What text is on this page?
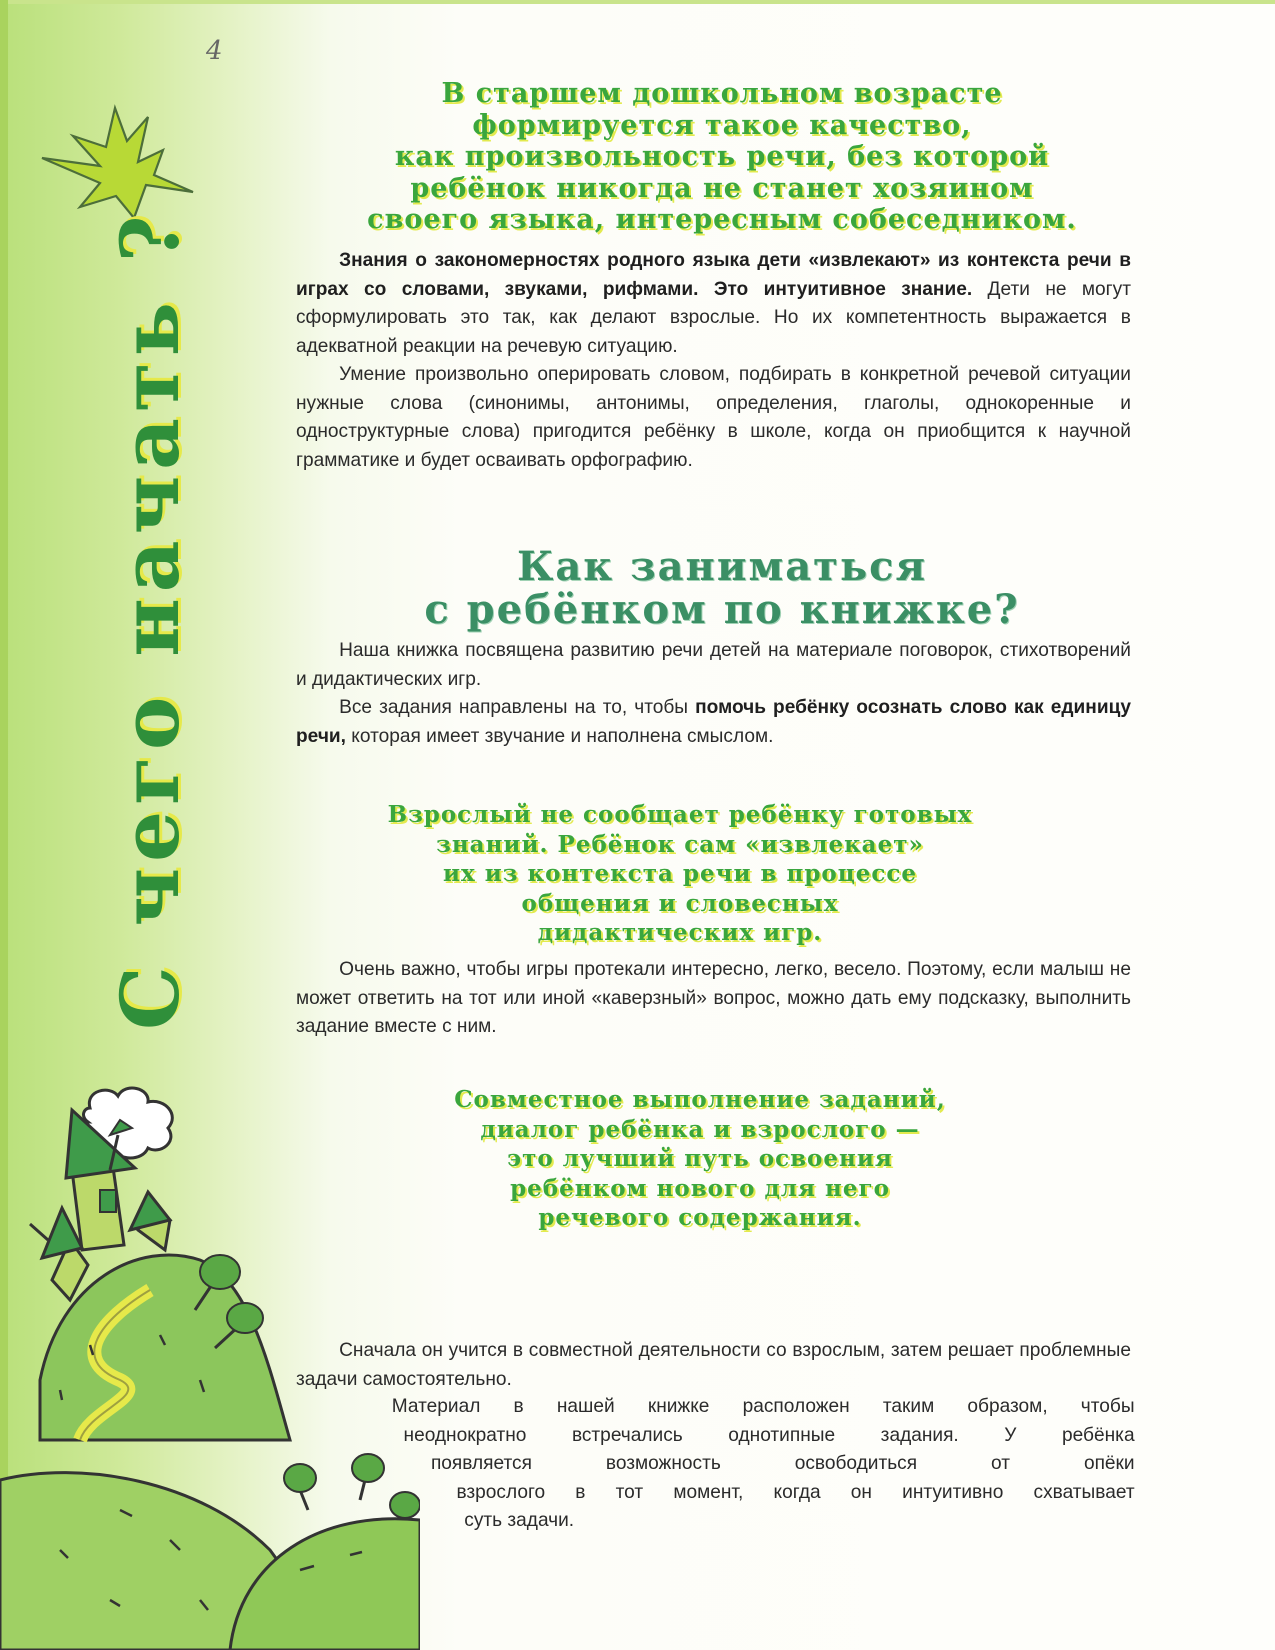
4
С чего начать ?
В старшем дошкольном возрасте
формируется такое качество,
как произвольность речи, без которой
ребёнок никогда не станет хозяином
своего языка, интересным собеседником.

Знания о закономерностях родного языка дети «извлекают» из контекста речи в играх со словами, звуками, рифмами. Это интуитивное знание. Дети не могут сформулировать это так, как делают взрослые. Но их компетентность выражается в адекватной реакции на речевую ситуацию.

Умение произвольно оперировать словом, подбирать в конкретной речевой ситуации нужные слова (синонимы, антонимы, определения, глаголы, однокоренные и одноструктурные слова) пригодится ребёнку в школе, когда он приобщится к научной грамматике и будет осваивать орфографию.

Как заниматься
с ребёнком по книжке?

Наша книжка посвящена развитию речи детей на материале поговорок, стихотворений и дидактических игр.

Все задания направлены на то, чтобы помочь ребёнку осознать слово как единицу речи, которая имеет звучание и наполнена смыслом.

Взрослый не сообщает ребёнку готовых
знаний. Ребёнок сам «извлекает»
их из контекста речи в процессе
общения и словесных
дидактических игр.

Очень важно, чтобы игры протекали интересно, легко, весело. Поэтому, если малыш не может ответить на тот или иной «каверзный» вопрос, можно дать ему подсказку, выполнить задание вместе с ним.

Совместное выполнение заданий,
диалог ребёнка и взрослого —
это лучший путь освоения
ребёнком нового для него
речевого содержания.

Сначала он учится в совместной деятельности со взрослым, затем решает проблемные задачи самостоятельно.

Материал в нашей книжке расположен таким образом, чтобы
неоднократно встречались однотипные задания. У ребёнка
появляется возможность освободиться от опёки
взрослого в тот момент, когда он интуитивно схватывает
суть задачи.
